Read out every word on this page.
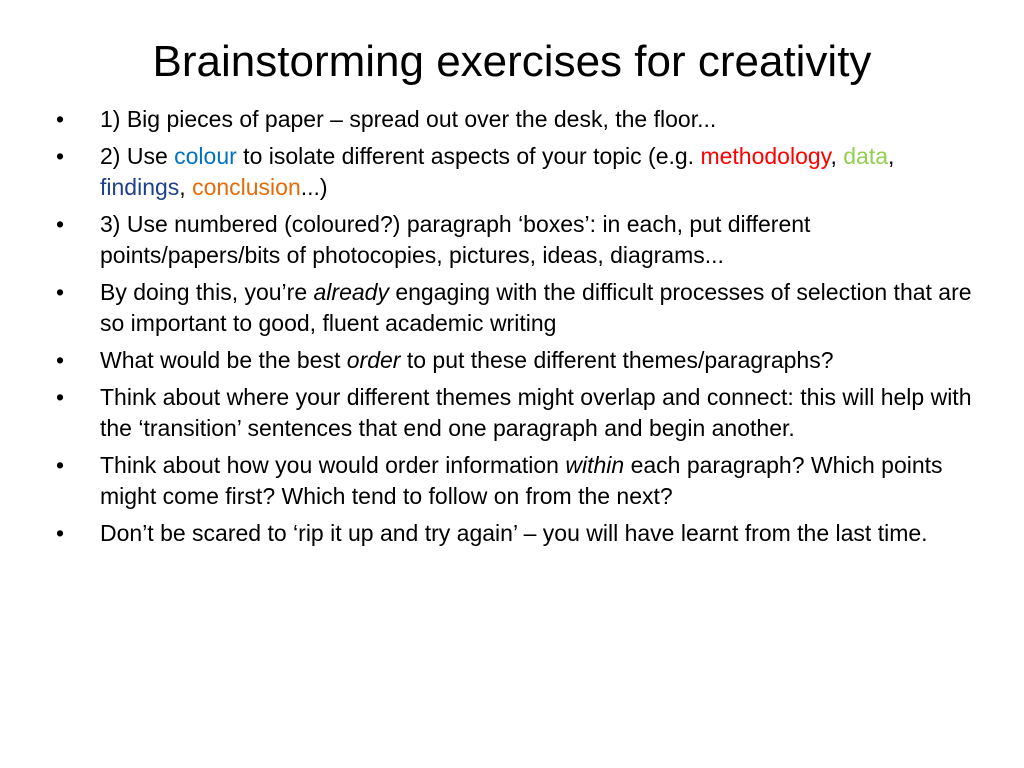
Brainstorming exercises for creativity
•	1) Big pieces of paper – spread out over the desk, the floor...
•	2) Use colour to isolate different aspects of your topic (e.g. methodology, data, findings, conclusion...)
•	3) Use numbered (coloured?) paragraph ‘boxes’: in each, put different points/papers/bits of photocopies, pictures, ideas, diagrams...
•	By doing this, you’re already engaging with the difficult processes of selection that are so important to good, fluent academic writing
•	What would be the best order to put these different themes/paragraphs?
•	Think about where your different themes might overlap and connect: this will help with the ‘transition’ sentences that end one paragraph and begin another.
•	Think about how you would order information within each paragraph? Which points might come first? Which tend to follow on from the next?
•	Don’t be scared to ‘rip it up and try again’ – you will have learnt from the last time.
